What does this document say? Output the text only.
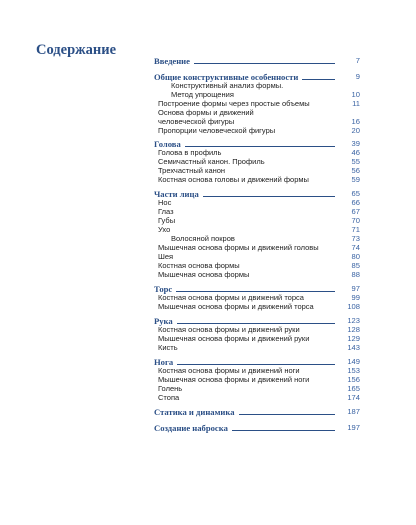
Содержание
Введение	7
Общие конструктивные особенности	9
Конструктивный анализ формы.
Метод упрощения	10
Построение формы через простые объемы	11
Основа формы и движений
человеческой фигуры	16
Пропорции человеческой фигуры	20
Голова	39
Голова в профиль	46
Семичастный канон. Профиль	55
Трехчастный канон	56
Костная основа головы и движений формы	59
Части лица	65
Нос	66
Глаз	67
Губы	70
Ухо	71
Волосяной покров	73
Мышечная основа формы и движений головы	74
Шея	80
Костная основа формы	85
Мышечная основа формы	88
Торс	97
Костная основа формы и движений торса	99
Мышечная основа формы и движений торса	108
Рука	123
Костная основа формы и движений руки	128
Мышечная основа формы и движений руки	129
Кисть	143
Нога	149
Костная основа формы и движений ноги	153
Мышечная основа формы и движений ноги	156
Голень	165
Стопа	174
Статика и динамика	187
Создание наброска	197
